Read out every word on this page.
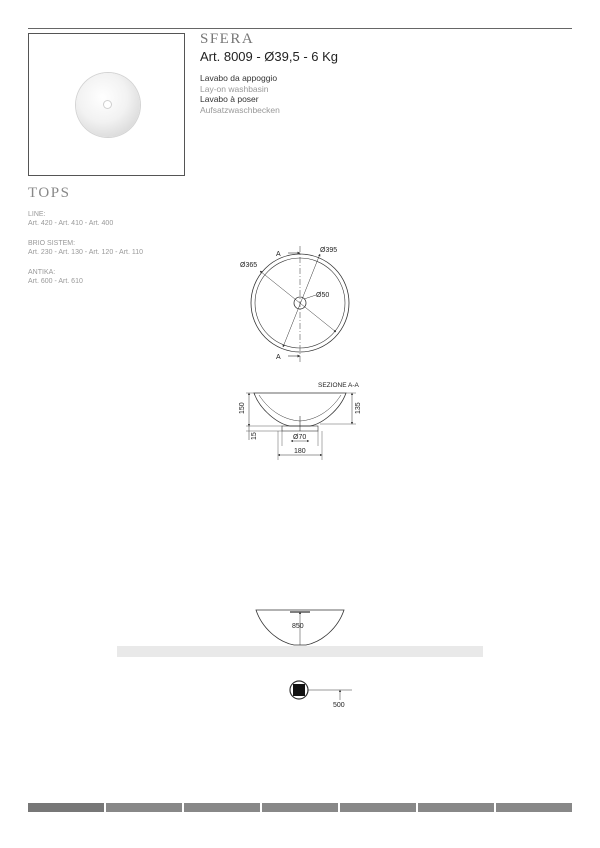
SFERA
Art. 8009 - Ø39,5 - 6 Kg
Lavabo da appoggio
Lay-on washbasin
Lavabo à poser
Aufsatzwaschbecken
TOPS
LINE:
Art. 420 - Art. 410 - Art. 400
BRIO SISTEM:
Art. 230 - Art. 130 - Art. 120 - Art. 110
ANTIKA:
Art. 600 - Art. 610
A
A
Ø395
Ø365
Ø50
SEZIONE A-A
150	135
15	Ø70
180
850
500
